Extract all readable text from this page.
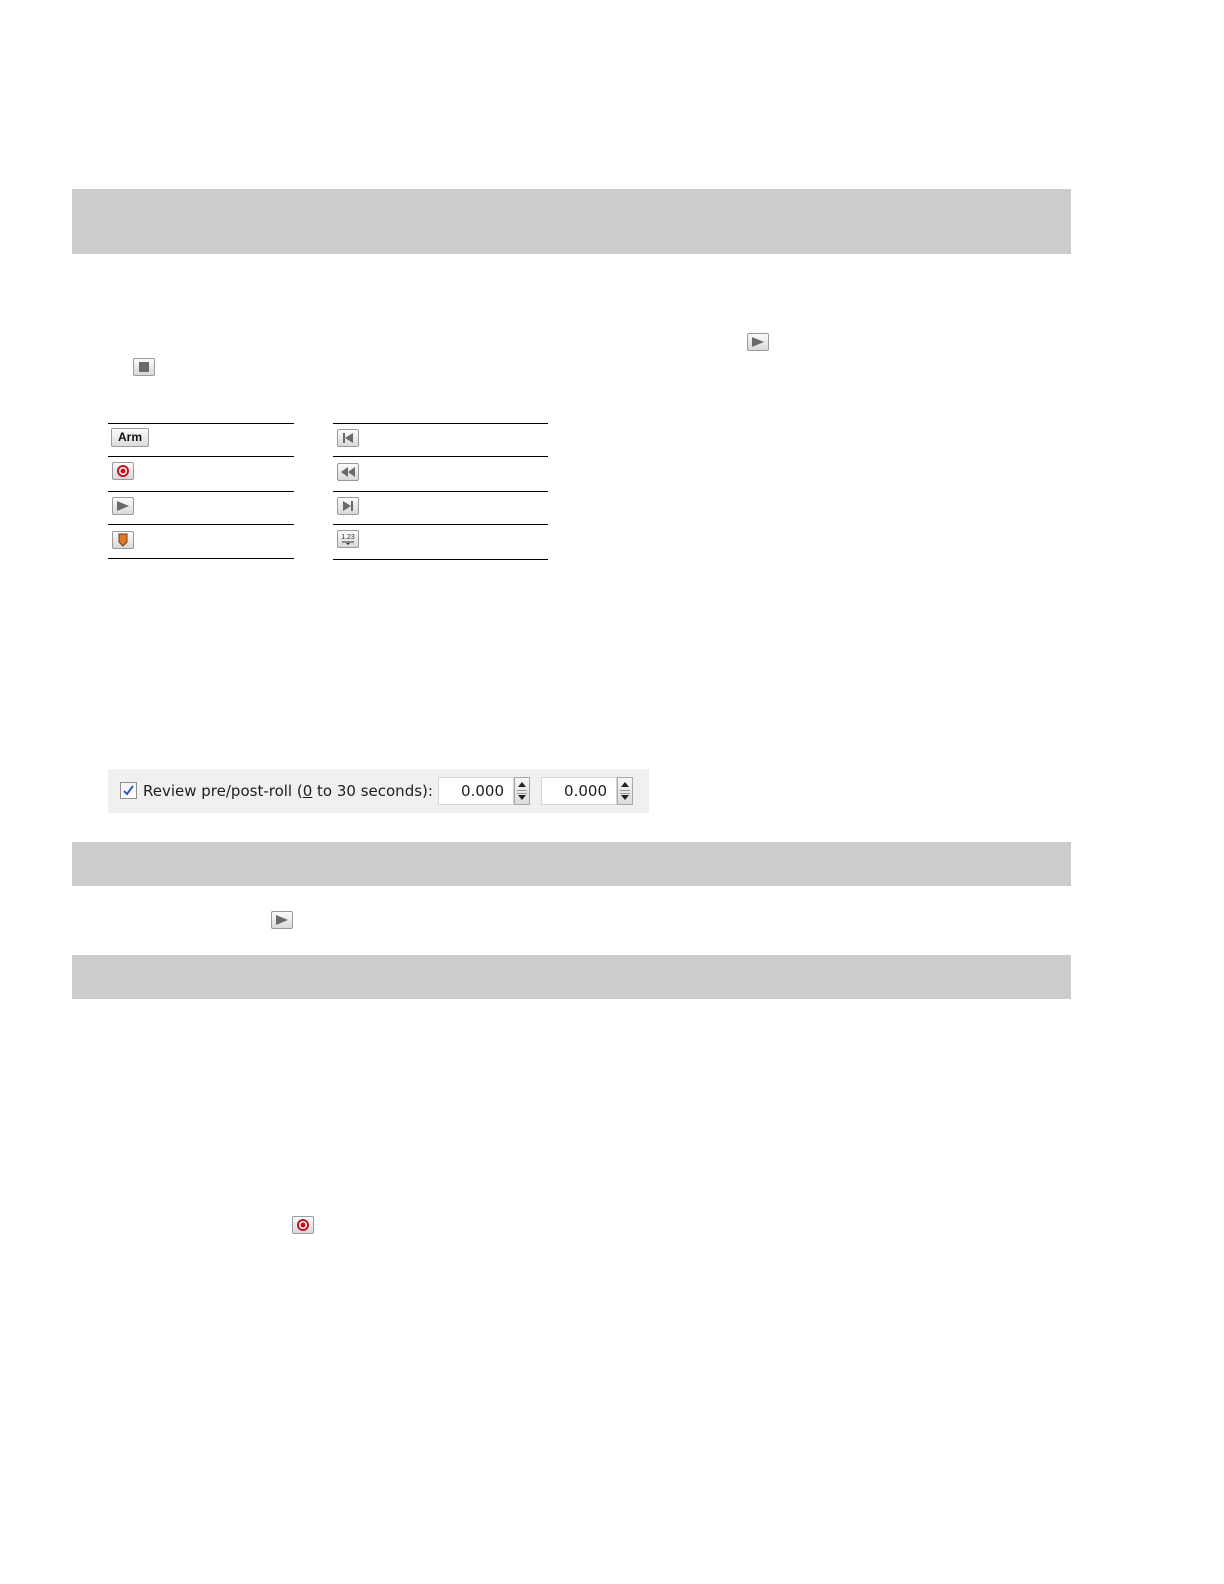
Arm
1.23
Review pre/post-roll (0 to 30 seconds):	0.000	0.000
